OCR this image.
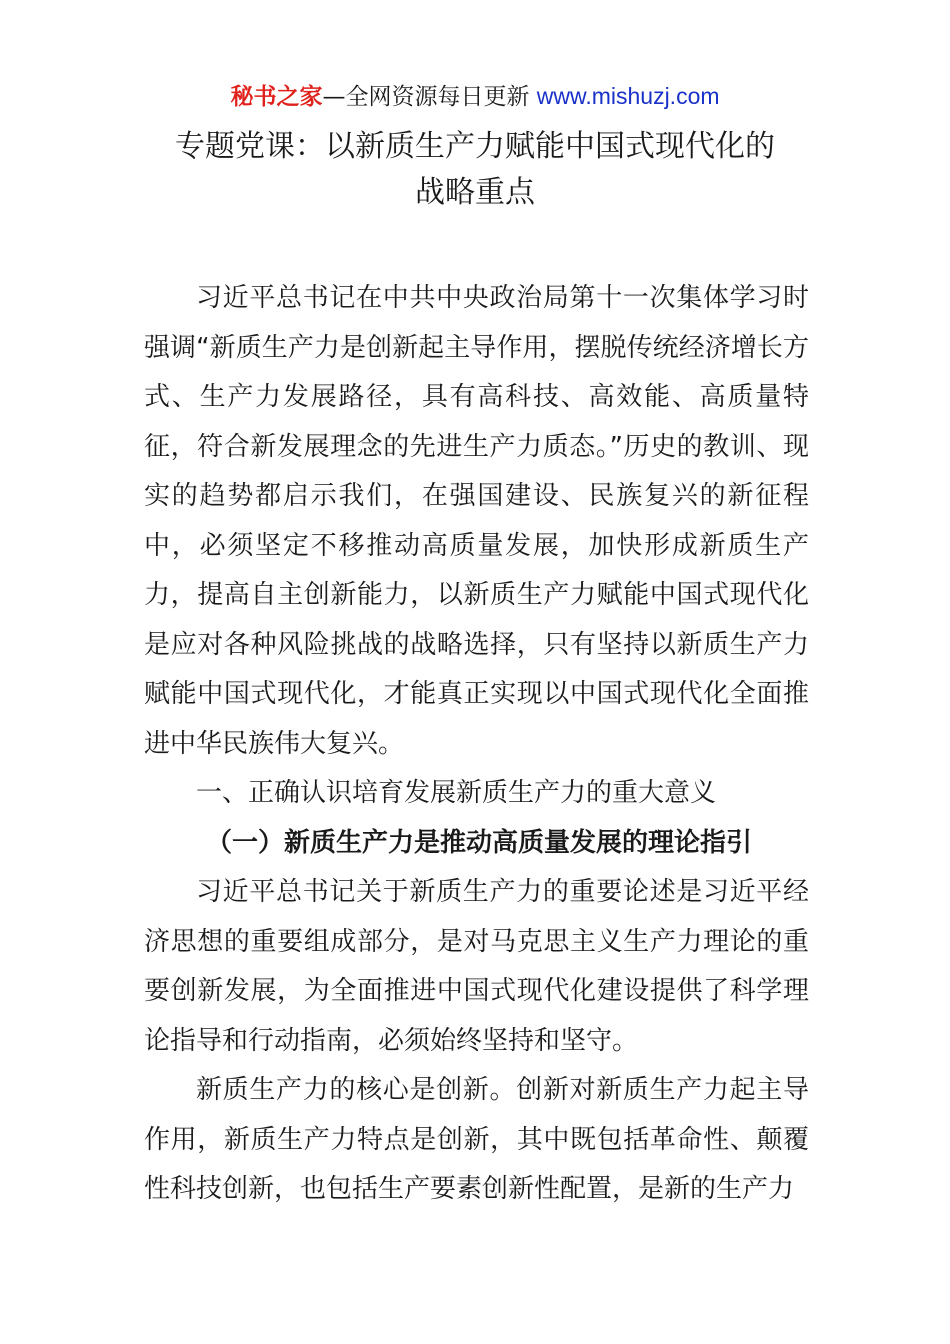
秘书之家—全网资源每日更新 www.mishuzj.com
专题党课：以新质生产力赋能中国式现代化的
战略重点

习近平总书记在中共中央政治局第十一次集体学习时强调“新质生产力是创新起主导作用，摆脱传统经济增长方式、生产力发展路径，具有高科技、高效能、高质量特征，符合新发展理念的先进生产力质态。”历史的教训、现实的趋势都启示我们，在强国建设、民族复兴的新征程中，必须坚定不移推动高质量发展，加快形成新质生产力，提高自主创新能力，以新质生产力赋能中国式现代化是应对各种风险挑战的战略选择，只有坚持以新质生产力赋能中国式现代化，才能真正实现以中国式现代化全面推进中华民族伟大复兴。

一、正确认识培育发展新质生产力的重大意义

（一）新质生产力是推动高质量发展的理论指引

习近平总书记关于新质生产力的重要论述是习近平经济思想的重要组成部分，是对马克思主义生产力理论的重要创新发展，为全面推进中国式现代化建设提供了科学理论指导和行动指南，必须始终坚持和坚守。

新质生产力的核心是创新。创新对新质生产力起主导作用，新质生产力特点是创新，其中既包括革命性、颠覆性科技创新，也包括生产要素创新性配置，是新的生产力
